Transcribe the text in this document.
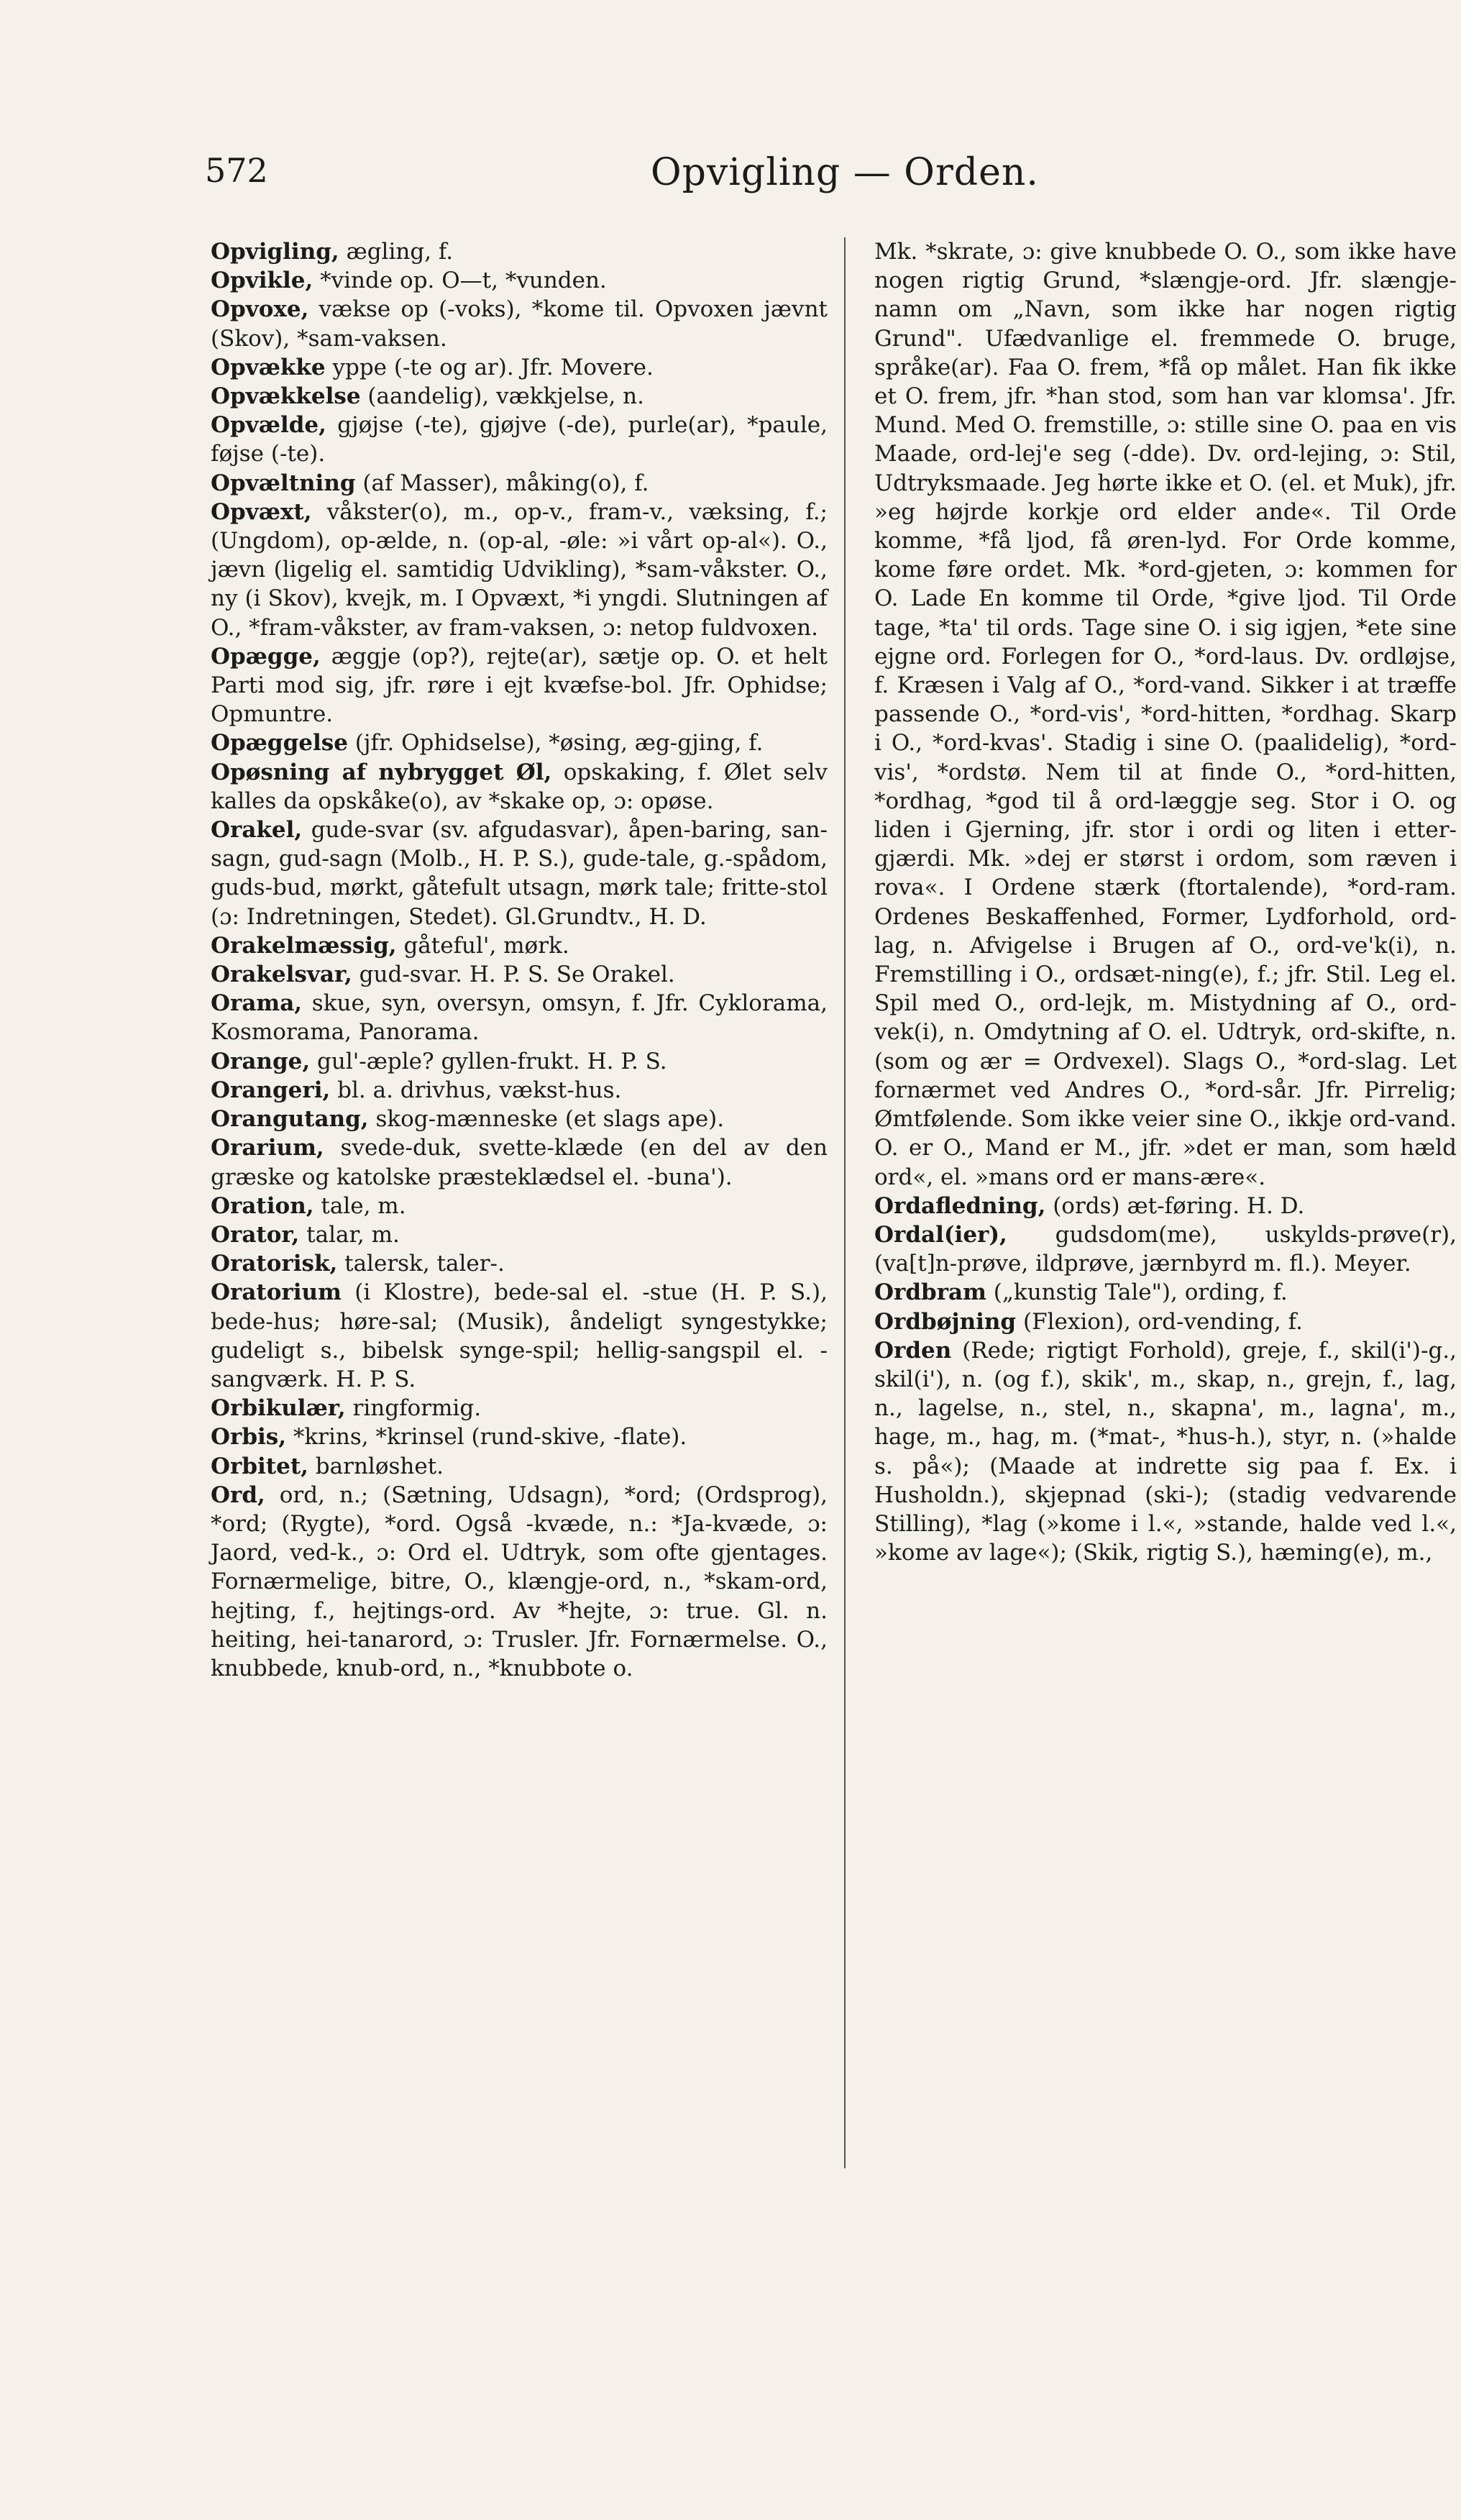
572	Opvigling — Orden.

Opvigling, ægling, f.

Opvikle, *vinde op. O—t, *vunden.

Opvoxe, vækse op (-voks), *kome til. Opvoxen jævnt (Skov), *sam-vaksen.

Opvække yppe (-te og ar). Jfr. Movere.

Opvækkelse (aandelig), vækkjelse, n.

Opvælde, gjøjse (-te), gjøjve (-de), purle(ar), *paule, føjse (-te).

Opvæltning (af Masser), måking(o), f.

Opvæxt, våkster(o), m., op-v., fram-v., væksing, f.; (Ungdom), op-ælde, n. (op-al, -øle: »i vårt op-al«). O., jævn (ligelig el. samtidig Udvikling), *sam-våkster. O., ny (i Skov), kvejk, m. I Opvæxt, *i yngdi. Slutningen af O., *fram-våkster, av fram-vaksen, ɔ: netop fuldvoxen.

Opægge, æggje (op?), rejte(ar), sætje op. O. et helt Parti mod sig, jfr. røre i ejt kvæfse-bol. Jfr. Ophidse; Opmuntre.

Opæggelse (jfr. Ophidselse), *øsing, æg-gjing, f.

Opøsning af nybrygget Øl, opskaking, f. Ølet selv kalles da opskåke(o), av *skake op, ɔ: opøse.

Orakel, gude-svar (sv. afgudasvar), åpen-baring, san-sagn, gud-sagn (Molb., H. P. S.), gude-tale, g.-spådom, guds-bud, mørkt, gåtefult utsagn, mørk tale; fritte-stol (ɔ: Indretningen, Stedet). Gl.Grundtv., H. D.

Orakelmæssig, gåteful', mørk.

Orakelsvar, gud-svar. H. P. S. Se Orakel.

Orama, skue, syn, oversyn, omsyn, f. Jfr. Cyklorama, Kosmorama, Panorama.

Orange, gul'-æple? gyllen-frukt. H. P. S.

Orangeri, bl. a. drivhus, vækst-hus.

Orangutang, skog-mænneske (et slags ape).

Orarium, svede-duk, svette-klæde (en del av den græske og katolske præsteklædsel el. -buna').

Oration, tale, m.

Orator, talar, m.

Oratorisk, talersk, taler-.

Oratorium (i Klostre), bede-sal el. -stue (H. P. S.), bede-hus; høre-sal; (Musik), åndeligt syngestykke; gudeligt s., bibelsk synge-spil; hellig-sangspil el. -sangværk. H. P. S.

Orbikulær, ringformig.

Orbis, *krins, *krinsel (rund-skive, -flate).

Orbitet, barnløshet.

Ord, ord, n.; (Sætning, Udsagn), *ord; (Ordsprog), *ord; (Rygte), *ord. Også -kvæde, n.: *Ja-kvæde, ɔ: Jaord, ved-k., ɔ: Ord el. Udtryk, som ofte gjentages. Fornærmelige, bitre, O., klængje-ord, n., *skam-ord, hejting, f., hejtings-ord. Av *hejte, ɔ: true. Gl. n. heiting, hei-tanarord, ɔ: Trusler. Jfr. Fornærmelse. O., knubbede, knub-ord, n., *knubbote o.

Mk. *skrate, ɔ: give knubbede O. O., som ikke have nogen rigtig Grund, *slængje-ord. Jfr. slængje-namn om „Navn, som ikke har nogen rigtig Grund". Ufædvanlige el. fremmede O. bruge, språke(ar). Faa O. frem, *få op målet. Han fik ikke et O. frem, jfr. *han stod, som han var klomsa'. Jfr. Mund. Med O. fremstille, ɔ: stille sine O. paa en vis Maade, ord-lej'e seg (-dde). Dv. ord-lejing, ɔ: Stil, Udtryksmaade. Jeg hørte ikke et O. (el. et Muk), jfr. »eg højrde korkje ord elder ande«. Til Orde komme, *få ljod, få øren-lyd. For Orde komme, kome føre ordet. Mk. *ord-gjeten, ɔ: kommen for O. Lade En komme til Orde, *give ljod. Til Orde tage, *ta' til ords. Tage sine O. i sig igjen, *ete sine ejgne ord. Forlegen for O., *ord-laus. Dv. ordløjse, f. Kræsen i Valg af O., *ord-vand. Sikker i at træffe passende O., *ord-vis', *ord-hitten, *ordhag. Skarp i O., *ord-kvas'. Stadig i sine O. (paalidelig), *ord-vis', *ordstø. Nem til at finde O., *ord-hitten, *ordhag, *god til å ord-læggje seg. Stor i O. og liden i Gjerning, jfr. stor i ordi og liten i etter-gjærdi. Mk. »dej er størst i ordom, som ræven i rova«. I Ordene stærk (ftortalende), *ord-ram. Ordenes Beskaffenhed, Former, Lydforhold, ord-lag, n. Afvigelse i Brugen af O., ord-ve'k(i), n. Fremstilling i O., ordsæt-ning(e), f.; jfr. Stil. Leg el. Spil med O., ord-lejk, m. Mistydning af O., ord-vek(i), n. Omdytning af O. el. Udtryk, ord-skifte, n. (som og ær = Ordvexel). Slags O., *ord-slag. Let fornærmet ved Andres O., *ord-sår. Jfr. Pirrelig; Ømtfølende. Som ikke veier sine O., ikkje ord-vand. O. er O., Mand er M., jfr. »det er man, som hæld ord«, el. »mans ord er mans-ære«.

Ordafledning, (ords) æt-føring. H. D.

Ordal(ier), gudsdom(me), uskylds-prøve(r), (va[t]n-prøve, ildprøve, jærnbyrd m. fl.). Meyer.

Ordbram („kunstig Tale"), ording, f.

Ordbøjning (Flexion), ord-vending, f.

Orden (Rede; rigtigt Forhold), greje, f., skil(i')-g., skil(i'), n. (og f.), skik', m., skap, n., grejn, f., lag, n., lagelse, n., stel, n., skapna', m., lagna', m., hage, m., hag, m. (*mat-, *hus-h.), styr, n. (»halde s. på«); (Maade at indrette sig paa f. Ex. i Husholdn.), skjepnad (ski-); (stadig vedvarende Stilling), *lag (»kome i l.«, »stande, halde ved l.«, »kome av lage«); (Skik, rigtig S.), hæming(e), m.,
